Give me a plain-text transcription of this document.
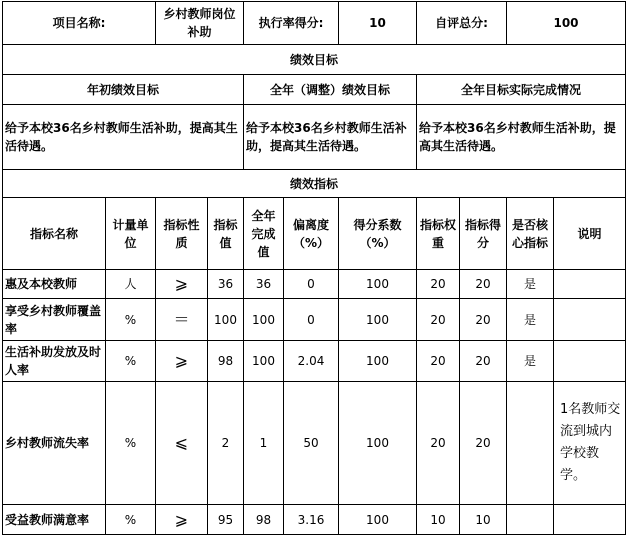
项目名称:		乡村教师岗位补助		执行率得分:		10	自评总分:		100	
绩效目标										
年初绩效目标				全年（调整）绩效目标			全年目标实际完成情况			
给予本校36名乡村教师生活补助，提高其生活待遇。				给予本校36名乡村教师生活补助，提高其生活待遇。			给予本校36名乡村教师生活补助，提高其生活待遇。			
绩效指标										
指标名称	计量单位	指标性质	指标值	全年完成值	偏离度（%）	得分系数（%）	指标权重	指标得分	是否核心指标	说明
惠及本校教师	人	⩾	36	36	0	100	20	20	是	
享受乡村教师覆盖率	%	＝	100	100	0	100	20	20	是	
生活补助发放及时人率	%	⩾	98	100	2.04	100	20	20	是	
乡村教师流失率	%	⩽	2	1	50	100	20	20		1名教师交流到城内学校教学。
受益教师满意率	%	⩾	95	98	3.16	100	10	10		
